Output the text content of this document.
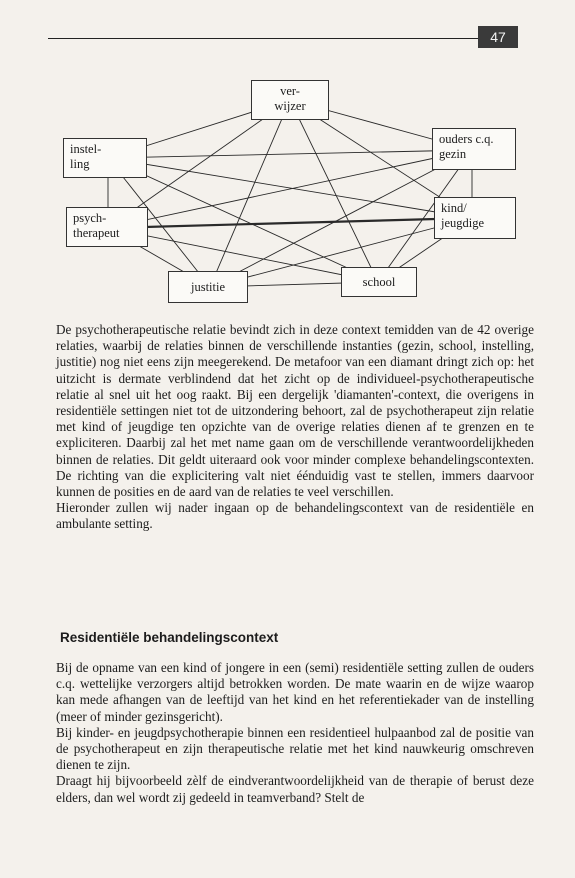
47
ver-
wijzer
instel-
ling
ouders c.q.
gezin
psych-
therapeut
kind/
jeugdige
justitie	school

De psychotherapeutische relatie bevindt zich in deze context temidden van de 42 overige relaties, waarbij de relaties binnen de verschillende instanties (gezin, school, instelling, justitie) nog niet eens zijn meegerekend. De metafoor van een diamant dringt zich op: het uitzicht is dermate verblindend dat het zicht op de individueel-psychotherapeutische relatie al snel uit het oog raakt. Bij een dergelijk 'diamanten'-context, die overigens in residentiële settingen niet tot de uitzondering behoort, zal de psychotherapeut zijn relatie met kind of jeugdige ten opzichte van de overige relaties dienen af te grenzen en te expliciteren. Daarbij zal het met name gaan om de verschillende verantwoordelijkheden binnen de relaties. Dit geldt uiteraard ook voor minder complexe behandelingscontexten. De richting van die explicitering valt niet éénduidig vast te stellen, immers daarvoor kunnen de posities en de aard van de relaties te veel verschillen.

Hieronder zullen wij nader ingaan op de behandelingscontext van de residentiële en ambulante setting.

Residentiële behandelingscontext

Bij de opname van een kind of jongere in een (semi) residentiële setting zullen de ouders c.q. wettelijke verzorgers altijd betrokken worden. De mate waarin en de wijze waarop kan mede afhangen van de leeftijd van het kind en het referentiekader van de instelling (meer of minder gezinsgericht).

Bij kinder- en jeugdpsychotherapie binnen een residentieel hulpaanbod zal de positie van de psychotherapeut en zijn therapeutische relatie met het kind nauwkeurig omschreven dienen te zijn.

Draagt hij bijvoorbeeld zèlf de eindverantwoordelijkheid van de therapie of berust deze elders, dan wel wordt zij gedeeld in teamverband? Stelt de
